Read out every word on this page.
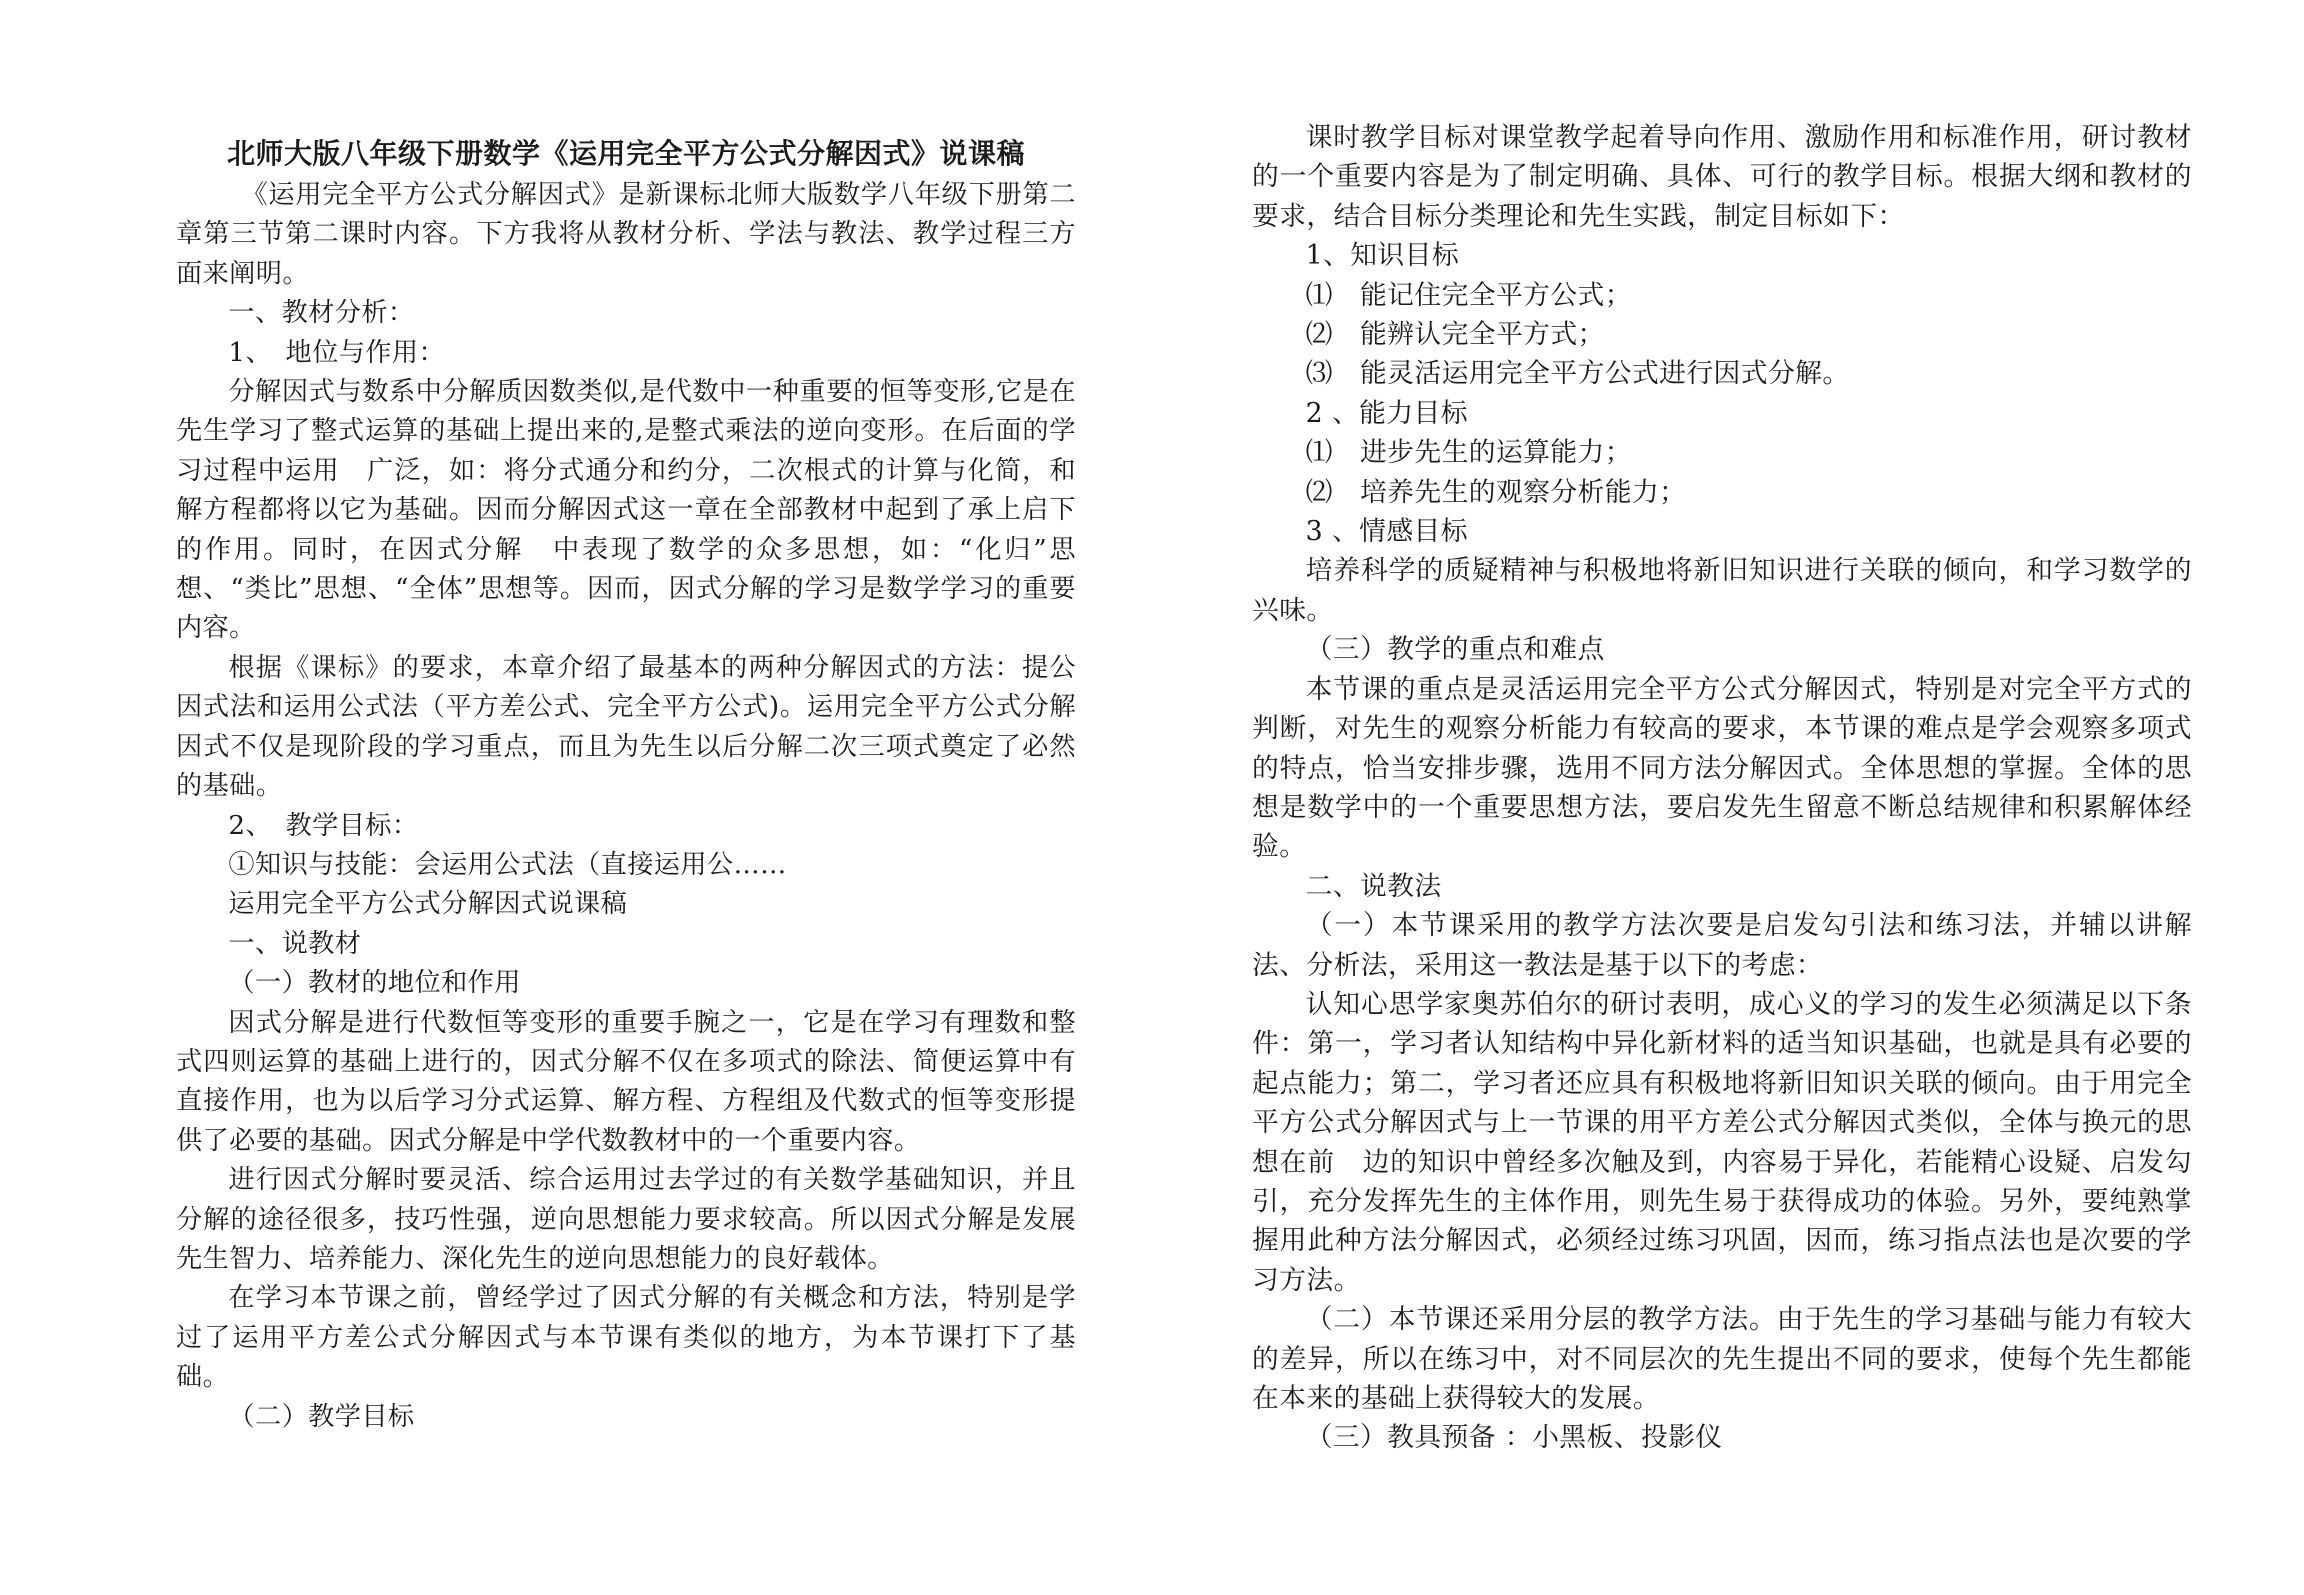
北师大版八年级下册数学《运用完全平方公式分解因式》说课稿

《运用完全平方公式分解因式》是新课标北师大版数学八年级下册第二章第三节第二课时内容。下方我将从教材分析、学法与教法、教学过程三方面来阐明。

一、教材分析：

1、　地位与作用：

分解因式与数系中分解质因数类似,是代数中一种重要的恒等变形,它是在先生学习了整式运算的基础上提出来的,是整式乘法的逆向变形。在后面的学习过程中运用　广泛，如：将分式通分和约分，二次根式的计算与化简，和解方程都将以它为基础。因而分解因式这一章在全部教材中起到了承上启下的作用。同时，在因式分解　中表现了数学的众多思想，如：“化归”思想、“类比”思想、“全体”思想等。因而，因式分解的学习是数学学习的重要内容。

根据《课标》的要求，本章介绍了最基本的两种分解因式的方法：提公因式法和运用公式法（平方差公式、完全平方公式)。运用完全平方公式分解因式不仅是现阶段的学习重点，而且为先生以后分解二次三项式奠定了必然的基础。

2、　教学目标：

①知识与技能：会运用公式法（直接运用公……

运用完全平方公式分解因式说课稿

一、说教材

（一）教材的地位和作用

因式分解是进行代数恒等变形的重要手腕之一，它是在学习有理数和整式四则运算的基础上进行的，因式分解不仅在多项式的除法、简便运算中有直接作用，也为以后学习分式运算、解方程、方程组及代数式的恒等变形提供了必要的基础。因式分解是中学代数教材中的一个重要内容。

进行因式分解时要灵活、综合运用过去学过的有关数学基础知识，并且分解的途径很多，技巧性强，逆向思想能力要求较高。所以因式分解是发展先生智力、培养能力、深化先生的逆向思想能力的良好载体。

在学习本节课之前，曾经学过了因式分解的有关概念和方法，特别是学过了运用平方差公式分解因式与本节课有类似的地方，为本节课打下了基础。

（二）教学目标

课时教学目标对课堂教学起着导向作用、激励作用和标准作用，研讨教材的一个重要内容是为了制定明确、具体、可行的教学目标。根据大纲和教材的要求，结合目标分类理论和先生实践，制定目标如下：

1、知识目标

⑴　能记住完全平方公式；

⑵　能辨认完全平方式；

⑶　能灵活运用完全平方公式进行因式分解。

2 、能力目标

⑴　进步先生的运算能力；

⑵　培养先生的观察分析能力；

3 、情感目标

培养科学的质疑精神与积极地将新旧知识进行关联的倾向，和学习数学的兴味。

（三）教学的重点和难点

本节课的重点是灵活运用完全平方公式分解因式，特别是对完全平方式的判断，对先生的观察分析能力有较高的要求，本节课的难点是学会观察多项式的特点，恰当安排步骤，选用不同方法分解因式。全体思想的掌握。全体的思想是数学中的一个重要思想方法，要启发先生留意不断总结规律和积累解体经验。

二、说教法

（一）本节课采用的教学方法次要是启发勾引法和练习法，并辅以讲解法、分析法，采用这一教法是基于以下的考虑：

认知心思学家奥苏伯尔的研讨表明，成心义的学习的发生必须满足以下条件：第一，学习者认知结构中异化新材料的适当知识基础，也就是具有必要的起点能力；第二，学习者还应具有积极地将新旧知识关联的倾向。由于用完全平方公式分解因式与上一节课的用平方差公式分解因式类似，全体与换元的思想在前　边的知识中曾经多次触及到，内容易于异化，若能精心设疑、启发勾引，充分发挥先生的主体作用，则先生易于获得成功的体验。另外，要纯熟掌握用此种方法分解因式，必须经过练习巩固，因而，练习指点法也是次要的学习方法。

（二）本节课还采用分层的教学方法。由于先生的学习基础与能力有较大的差异，所以在练习中，对不同层次的先生提出不同的要求，使每个先生都能在本来的基础上获得较大的发展。

（三）教具预备 ：小黑板、投影仪
